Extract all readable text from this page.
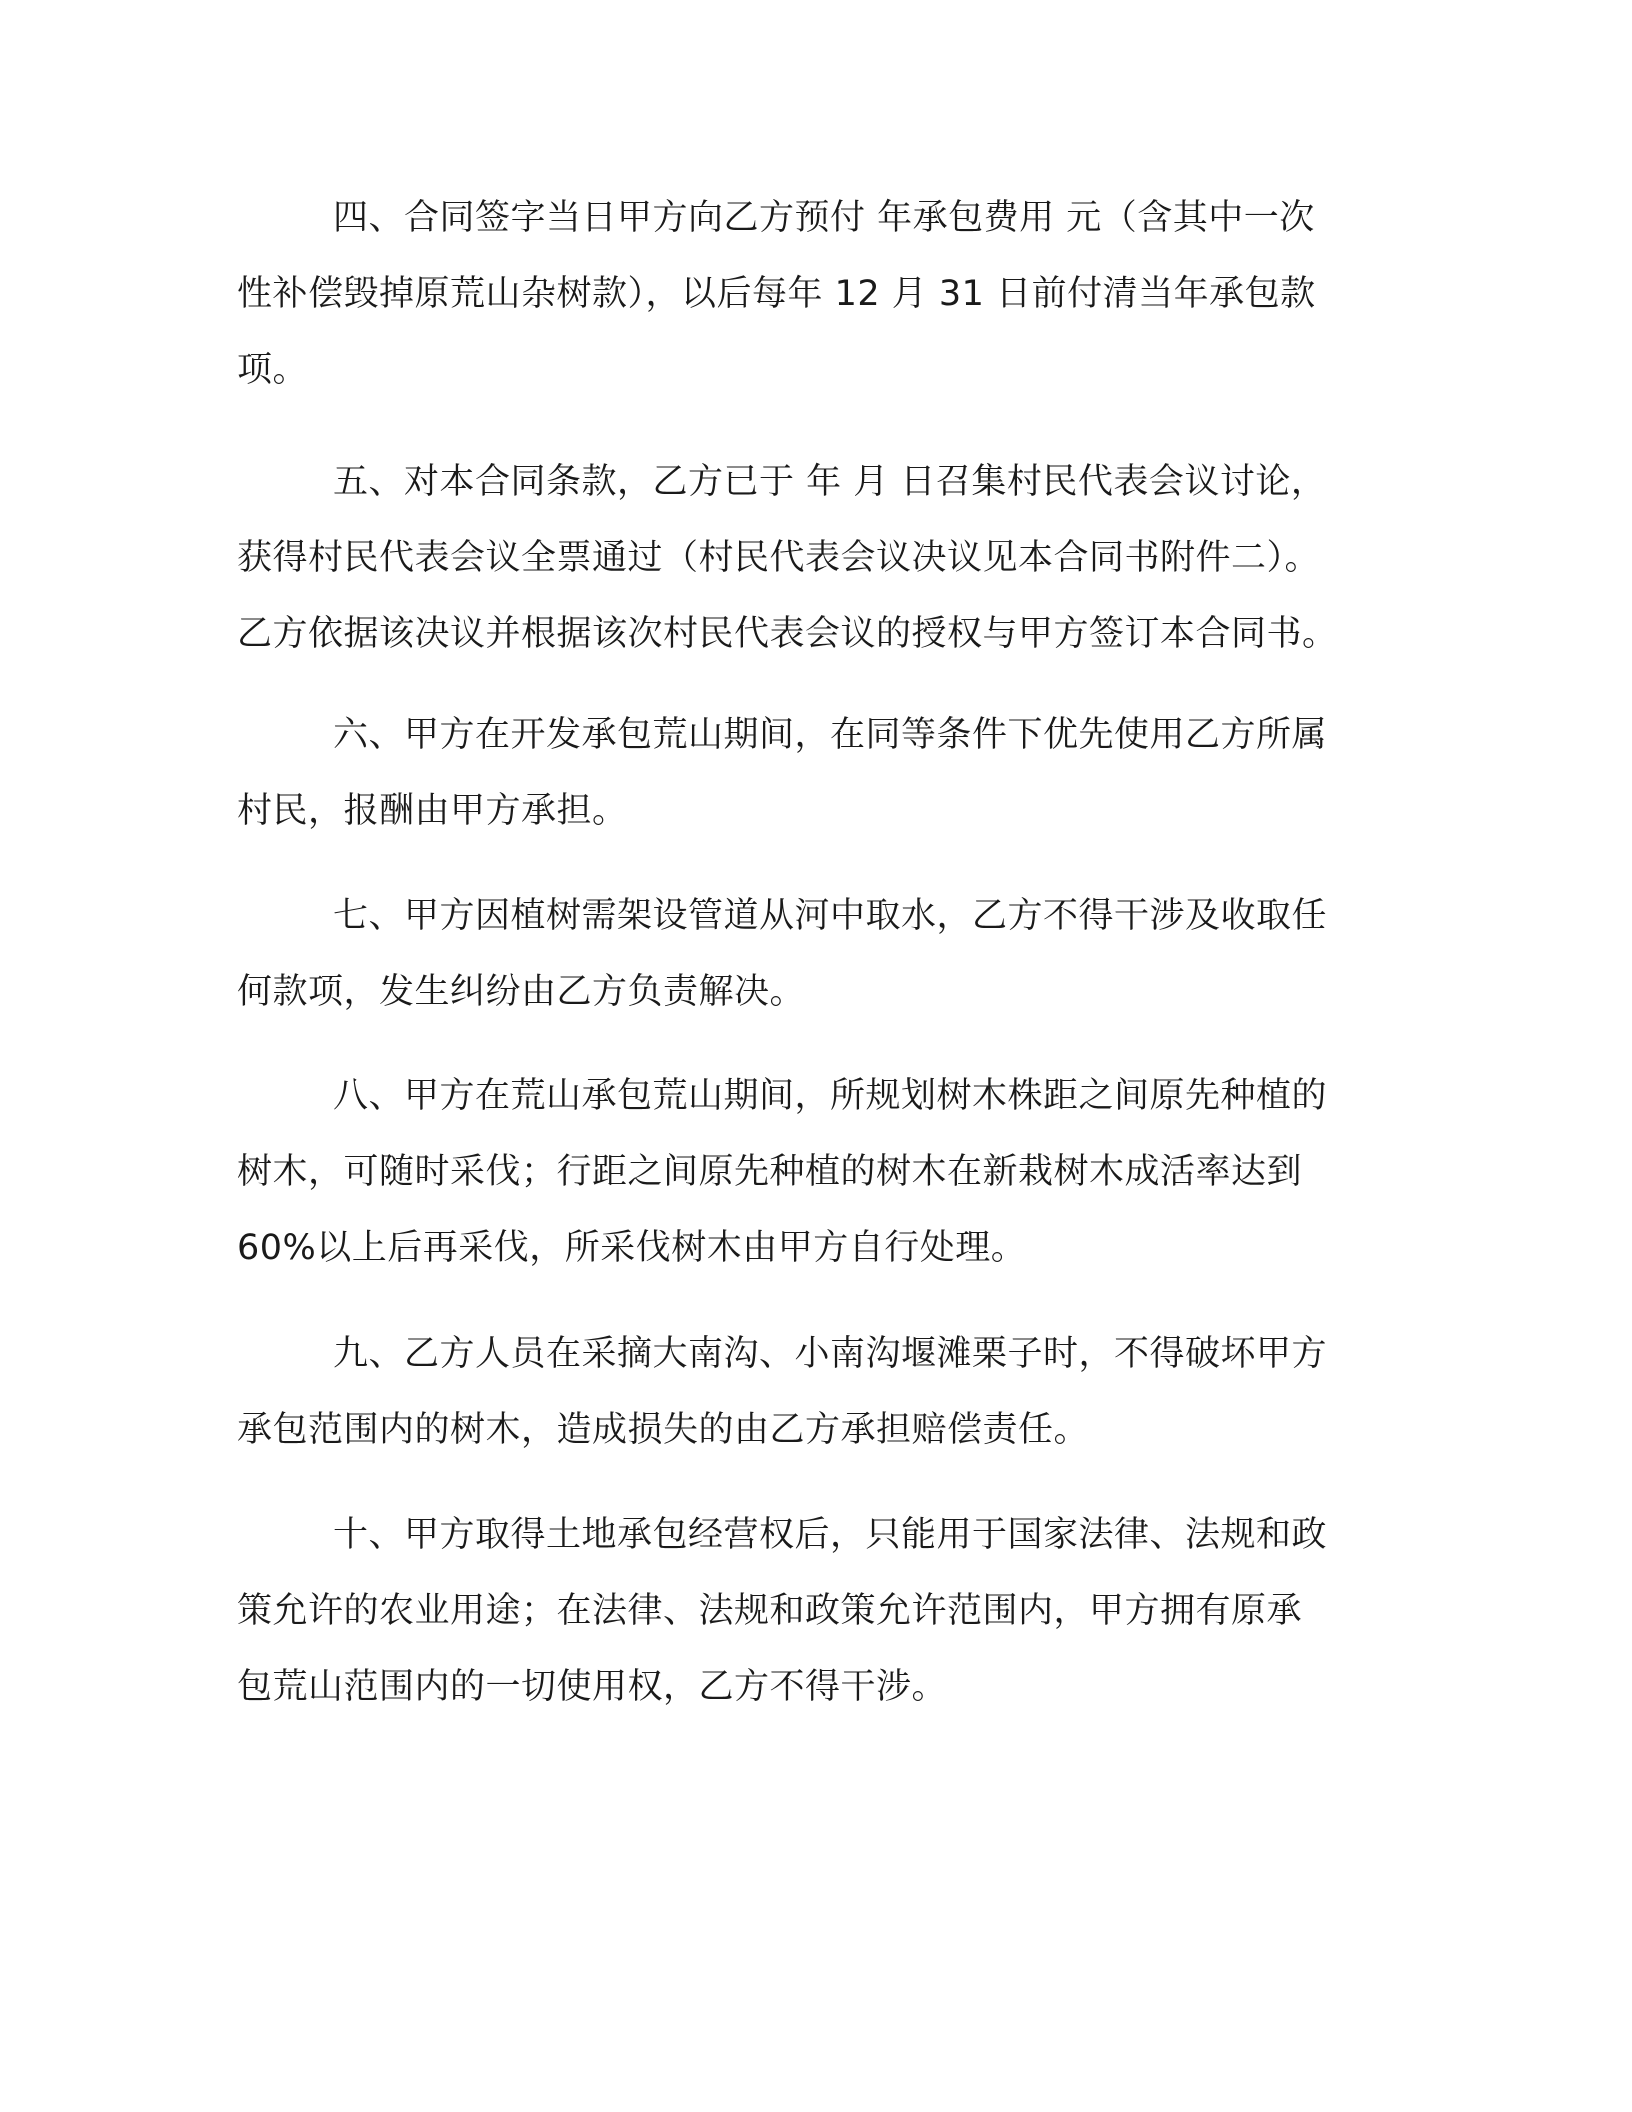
四、合同签字当日甲方向乙方预付 年承包费用 元（含其中一次
性补偿毁掉原荒山杂树款），以后每年 12 月 31 日前付清当年承包款
项。
五、对本合同条款，乙方已于 年 月 日召集村民代表会议讨论，
获得村民代表会议全票通过（村民代表会议决议见本合同书附件二）。
乙方依据该决议并根据该次村民代表会议的授权与甲方签订本合同书。
六、甲方在开发承包荒山期间，在同等条件下优先使用乙方所属
村民，报酬由甲方承担。
七、甲方因植树需架设管道从河中取水，乙方不得干涉及收取任
何款项，发生纠纷由乙方负责解决。
八、甲方在荒山承包荒山期间，所规划树木株距之间原先种植的
树木，可随时采伐；行距之间原先种植的树木在新栽树木成活率达到
60%以上后再采伐，所采伐树木由甲方自行处理。
九、乙方人员在采摘大南沟、小南沟堰滩栗子时，不得破坏甲方
承包范围内的树木，造成损失的由乙方承担赔偿责任。
十、甲方取得土地承包经营权后，只能用于国家法律、法规和政
策允许的农业用途；在法律、法规和政策允许范围内，甲方拥有原承
包荒山范围内的一切使用权，乙方不得干涉。
